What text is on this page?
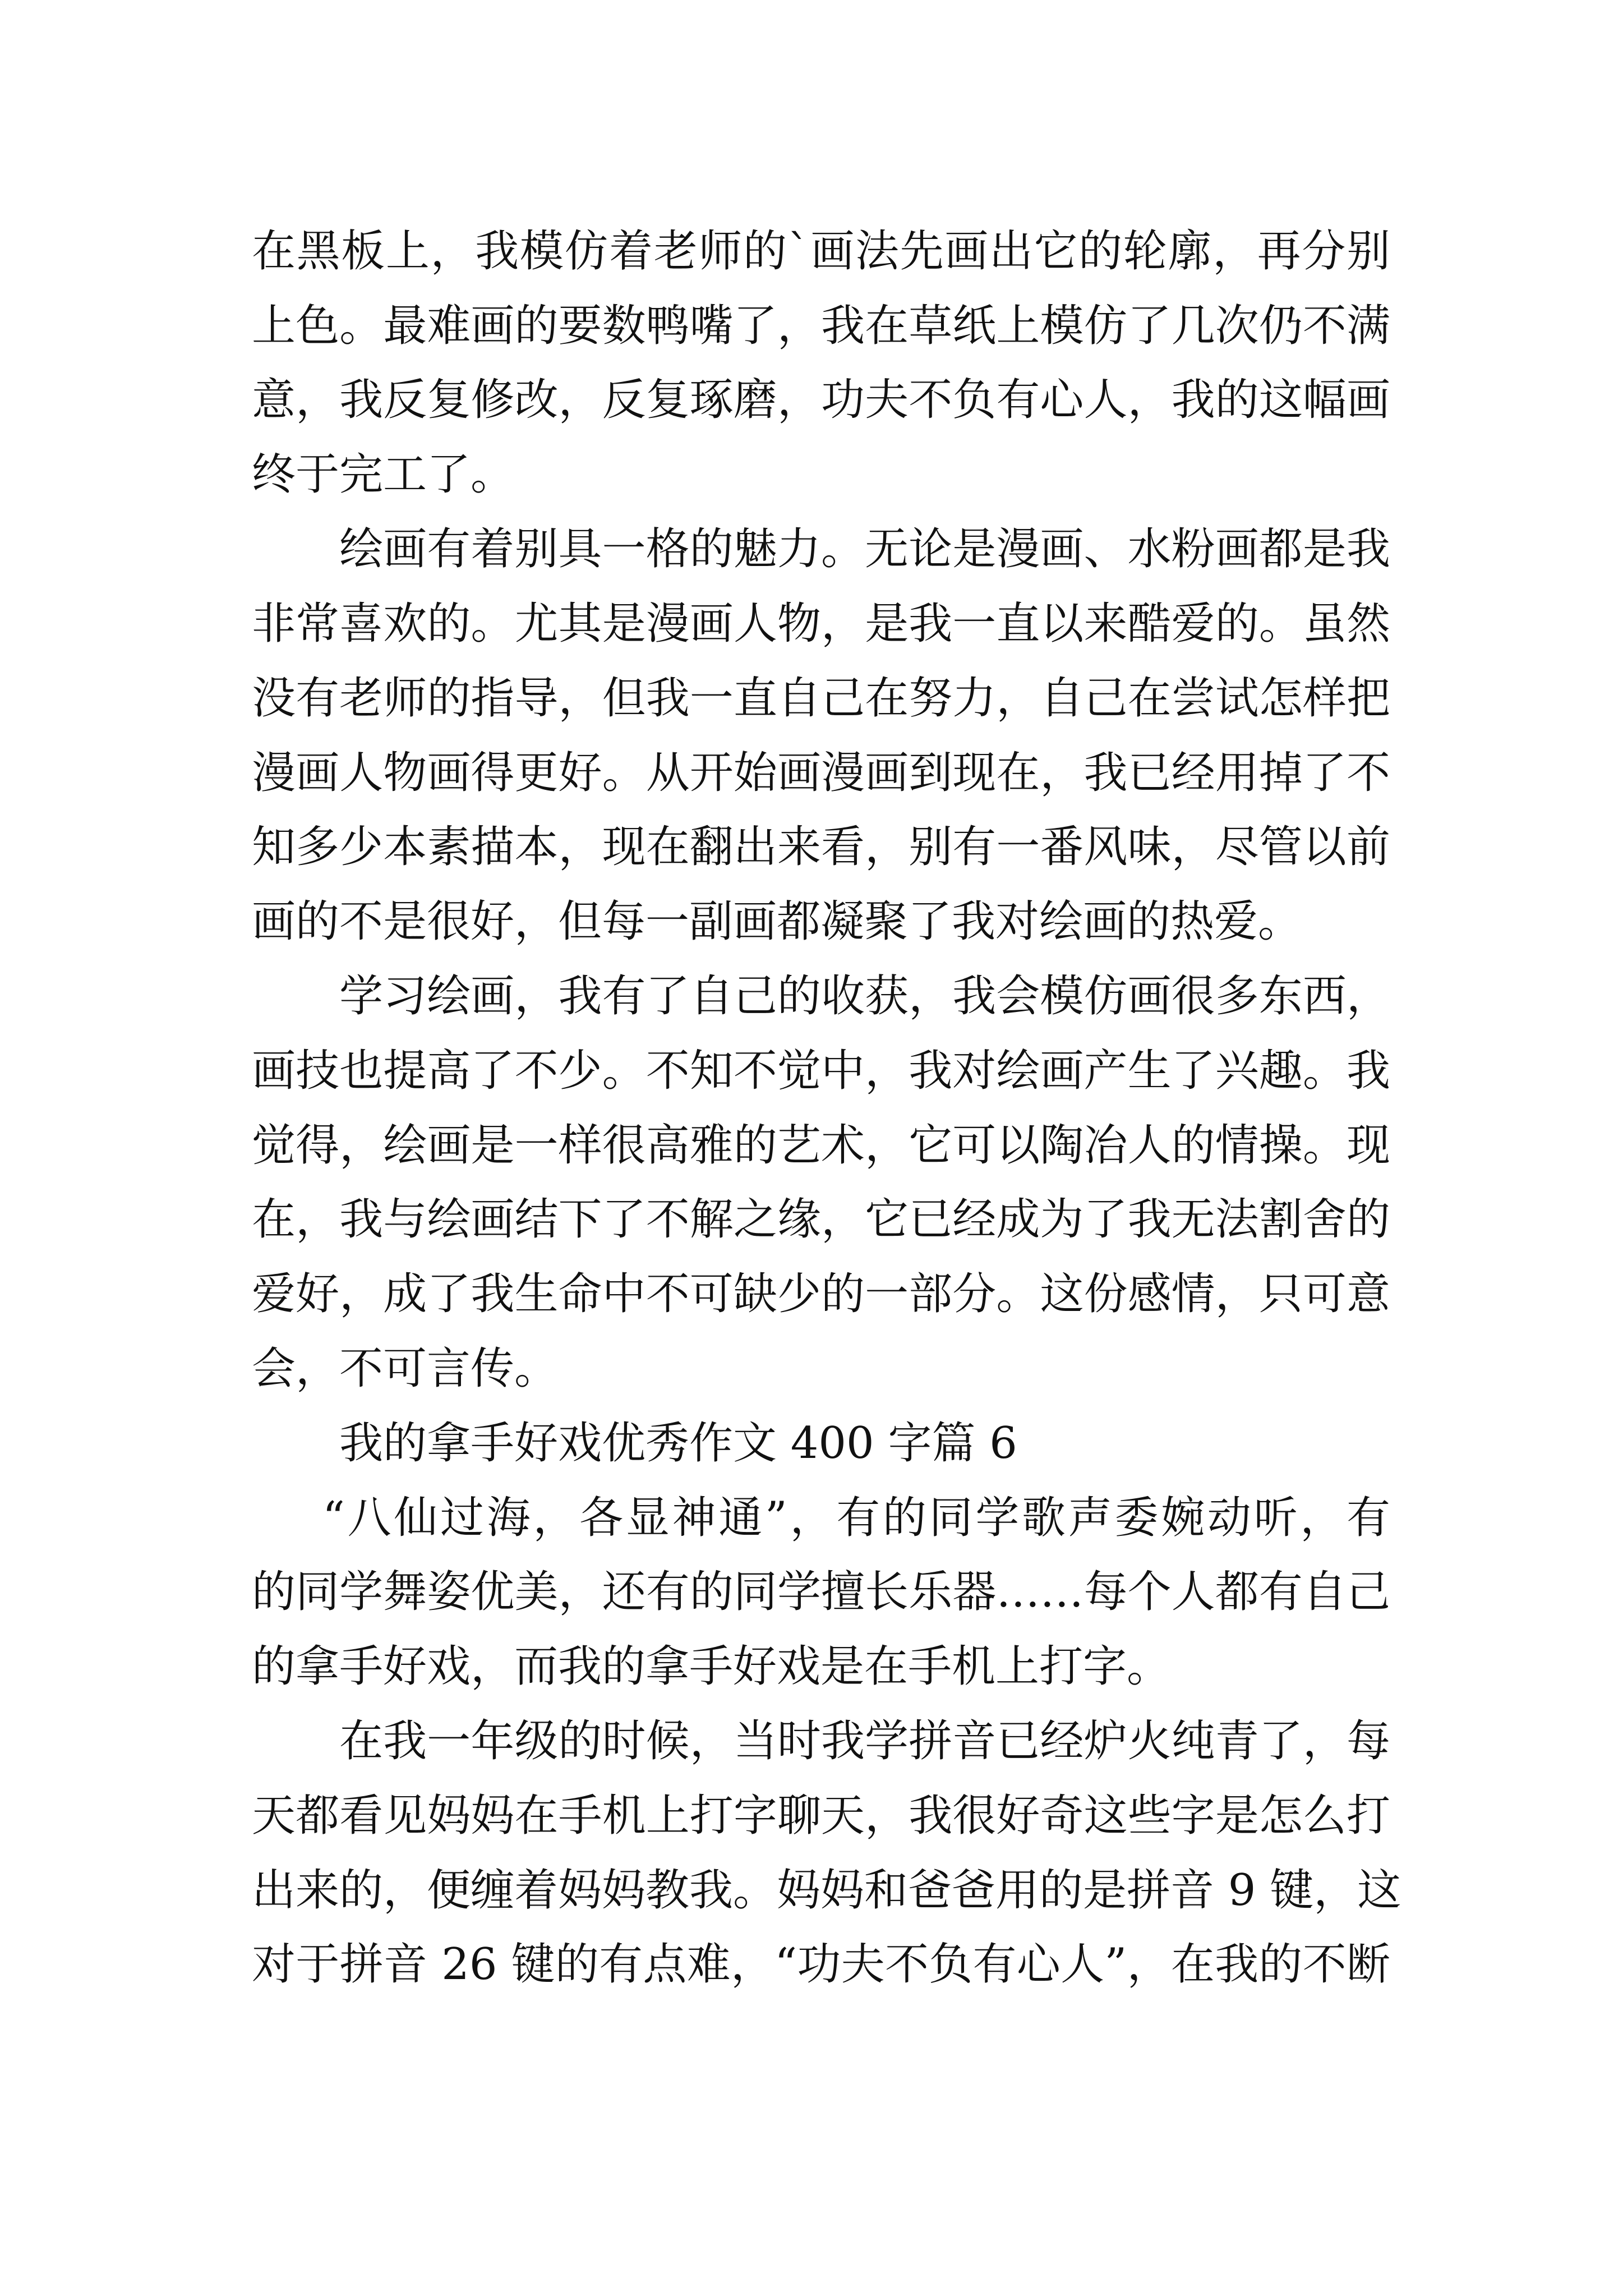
在黑板上，我模仿着老师的`画法先画出它的轮廓，再分别

上色。最难画的要数鸭嘴了，我在草纸上模仿了几次仍不满

意，我反复修改，反复琢磨，功夫不负有心人，我的这幅画

终于完工了。

绘画有着别具一格的魅力。无论是漫画、水粉画都是我

非常喜欢的。尤其是漫画人物，是我一直以来酷爱的。虽然

没有老师的指导，但我一直自己在努力，自己在尝试怎样把

漫画人物画得更好。从开始画漫画到现在，我已经用掉了不

知多少本素描本，现在翻出来看，别有一番风味，尽管以前

画的不是很好，但每一副画都凝聚了我对绘画的热爱。

学习绘画，我有了自己的收获，我会模仿画很多东西，

画技也提高了不少。不知不觉中，我对绘画产生了兴趣。我

觉得，绘画是一样很高雅的艺术，它可以陶冶人的情操。现

在，我与绘画结下了不解之缘，它已经成为了我无法割舍的

爱好，成了我生命中不可缺少的一部分。这份感情，只可意

会，不可言传。

我的拿手好戏优秀作文 400 字篇 6

“八仙过海，各显神通”，有的同学歌声委婉动听，有

的同学舞姿优美，还有的同学擅长乐器……每个人都有自己

的拿手好戏，而我的拿手好戏是在手机上打字。

在我一年级的时候，当时我学拼音已经炉火纯青了，每

天都看见妈妈在手机上打字聊天，我很好奇这些字是怎么打

出来的，便缠着妈妈教我。妈妈和爸爸用的是拼音 9 键，这

对于拼音 26 键的有点难，“功夫不负有心人”，在我的不断
